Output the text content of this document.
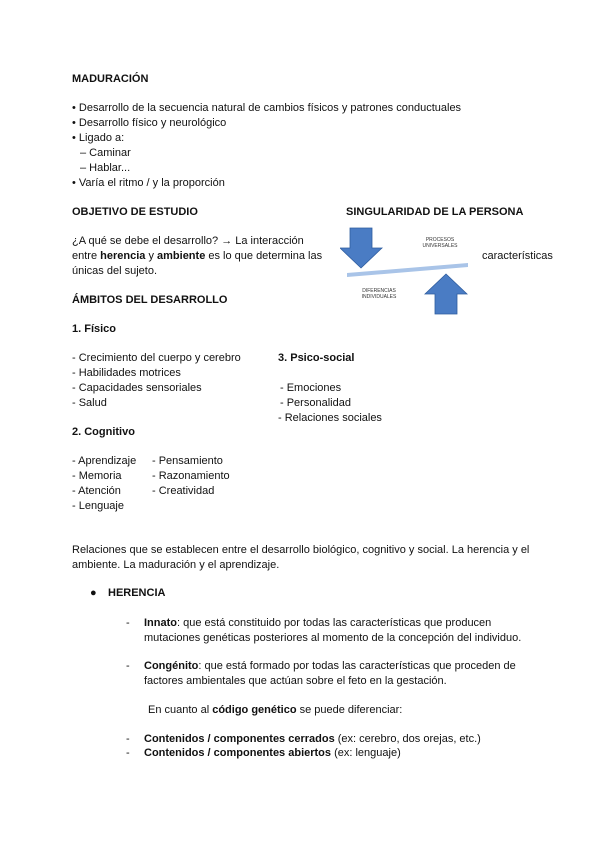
MADURACIÓN
• Desarrollo de la secuencia natural de cambios físicos y patrones conductuales
• Desarrollo físico y neurológico
• Ligado a:
– Caminar
– Hablar...
• Varía el ritmo / y la proporción
OBJETIVO DE ESTUDIO
¿A qué se debe el desarrollo? → La interacción
entre herencia y ambiente es lo que determina las
únicas del sujeto.
SINGULARIDAD DE LA PERSONA
PROCESOS UNIVERSALES
DIFERENCIAS INDIVIDUALES
características
ÁMBITOS DEL DESARROLLO
1. Físico
- Crecimiento del cuerpo y cerebro
- Habilidades motrices
- Capacidades sensoriales
- Salud
3. Psico-social
- Emociones
- Personalidad
- Relaciones sociales
2. Cognitivo
- Aprendizaje
- Memoria
- Atención
- Lenguaje
- Pensamiento
- Razonamiento
- Creatividad
Relaciones que se establecen entre el desarrollo biológico, cognitivo y social. La herencia y el
ambiente. La maduración y el aprendizaje.
● HERENCIA
- Innato: que está constituido por todas las características que producen
mutaciones genéticas posteriores al momento de la concepción del individuo.
- Congénito: que está formado por todas las características que proceden de
factores ambientales que actúan sobre el feto en la gestación.
En cuanto al código genético se puede diferenciar:
- Contenidos / componentes cerrados (ex: cerebro, dos orejas, etc.)
- Contenidos / componentes abiertos (ex: lenguaje)
